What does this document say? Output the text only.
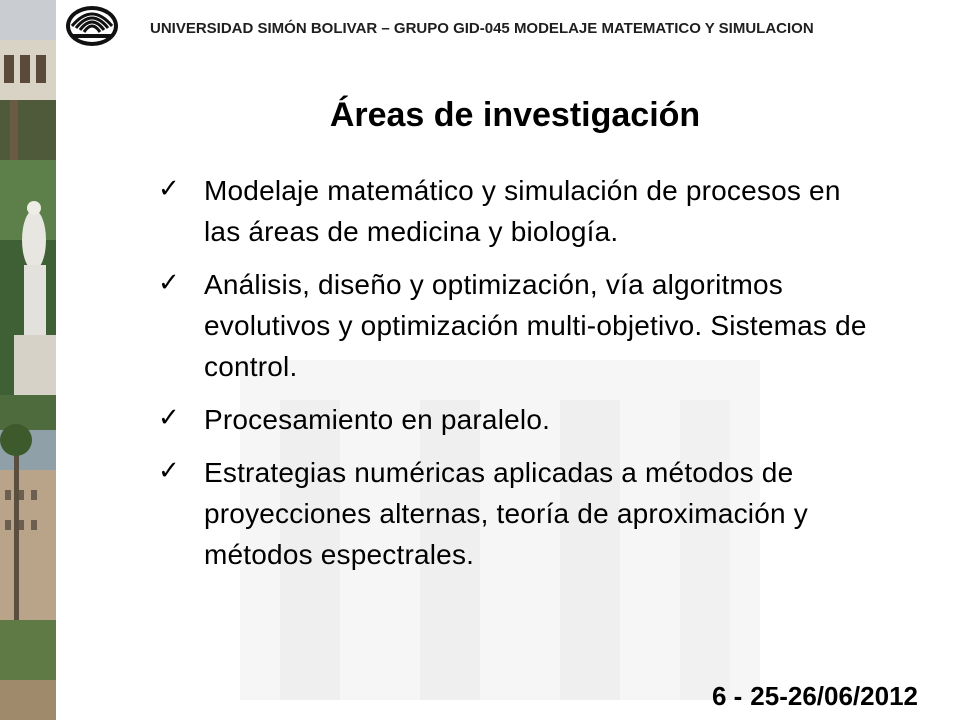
UNIVERSIDAD SIMÓN BOLIVAR – GRUPO GID-045 MODELAJE MATEMATICO Y SIMULACION
Áreas de investigación
✓ Modelaje matemático y simulación de procesos en las áreas de medicina y biología.
✓ Análisis, diseño y optimización, vía algoritmos evolutivos y optimización multi-objetivo. Sistemas de control.
✓ Procesamiento en paralelo.
✓ Estrategias numéricas aplicadas a métodos de proyecciones alternas, teoría de aproximación y métodos espectrales.
6 - 25-26/06/2012
